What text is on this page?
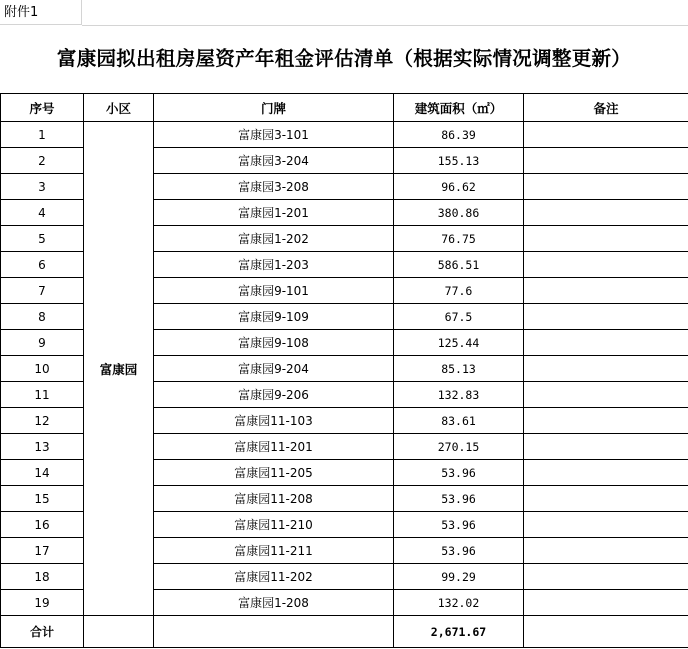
附件1
富康园拟出租房屋资产年租金评估清单（根据实际情况调整更新）
序号	小区	门牌	建筑面积（㎡）	备注
1	富康园	富康园3-101	86.39	
2		富康园3-204	155.13	
3		富康园3-208	96.62	
4		富康园1-201	380.86	
5		富康园1-202	76.75	
6		富康园1-203	586.51	
7		富康园9-101	77.6	
8		富康园9-109	67.5	
9		富康园9-108	125.44	
10		富康园9-204	85.13	
11		富康园9-206	132.83	
12		富康园11-103	83.61	
13		富康园11-201	270.15	
14		富康园11-205	53.96	
15		富康园11-208	53.96	
16		富康园11-210	53.96	
17		富康园11-211	53.96	
18		富康园11-202	99.29	
19		富康园1-208	132.02	
合计			2,671.67	
